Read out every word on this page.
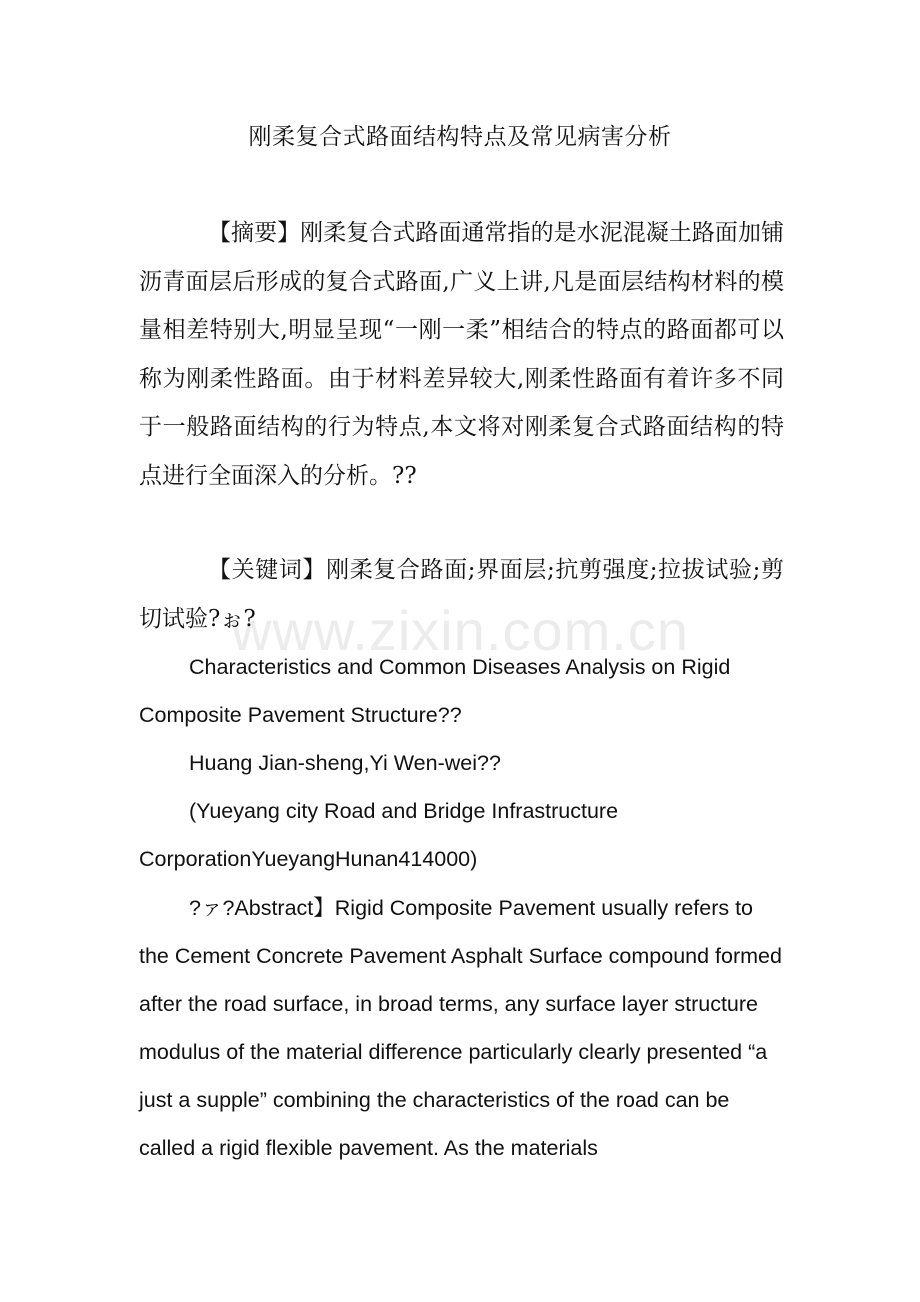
www.zixin.com.cn
刚柔复合式路面结构特点及常见病害分析
【摘要】刚柔复合式路面通常指的是水泥混凝土路面加铺沥青面层后形成的复合式路面,广义上讲,凡是面层结构材料的模量相差特别大,明显呈现“一刚一柔”相结合的特点的路面都可以称为刚柔性路面。由于材料差异较大,刚柔性路面有着许多不同于一般路面结构的行为特点,本文将对刚柔复合式路面结构的特点进行全面深入的分析。??
【关键词】刚柔复合路面;界面层;抗剪强度;拉拔试验;剪切试验?ぉ?
Characteristics and Common Diseases Analysis on Rigid Composite Pavement Structure??
Huang Jian-sheng,Yi Wen-wei??
(Yueyang city Road and Bridge Infrastructure CorporationYueyangHunan414000)
?ァ?Abstract】Rigid Composite Pavement usually refers to the Cement Concrete Pavement Asphalt Surface compound formed after the road surface, in broad terms, any surface layer structure modulus of the material difference particularly clearly presented “a just a supple” combining the characteristics of the road can be called a rigid flexible pavement. As the materials
